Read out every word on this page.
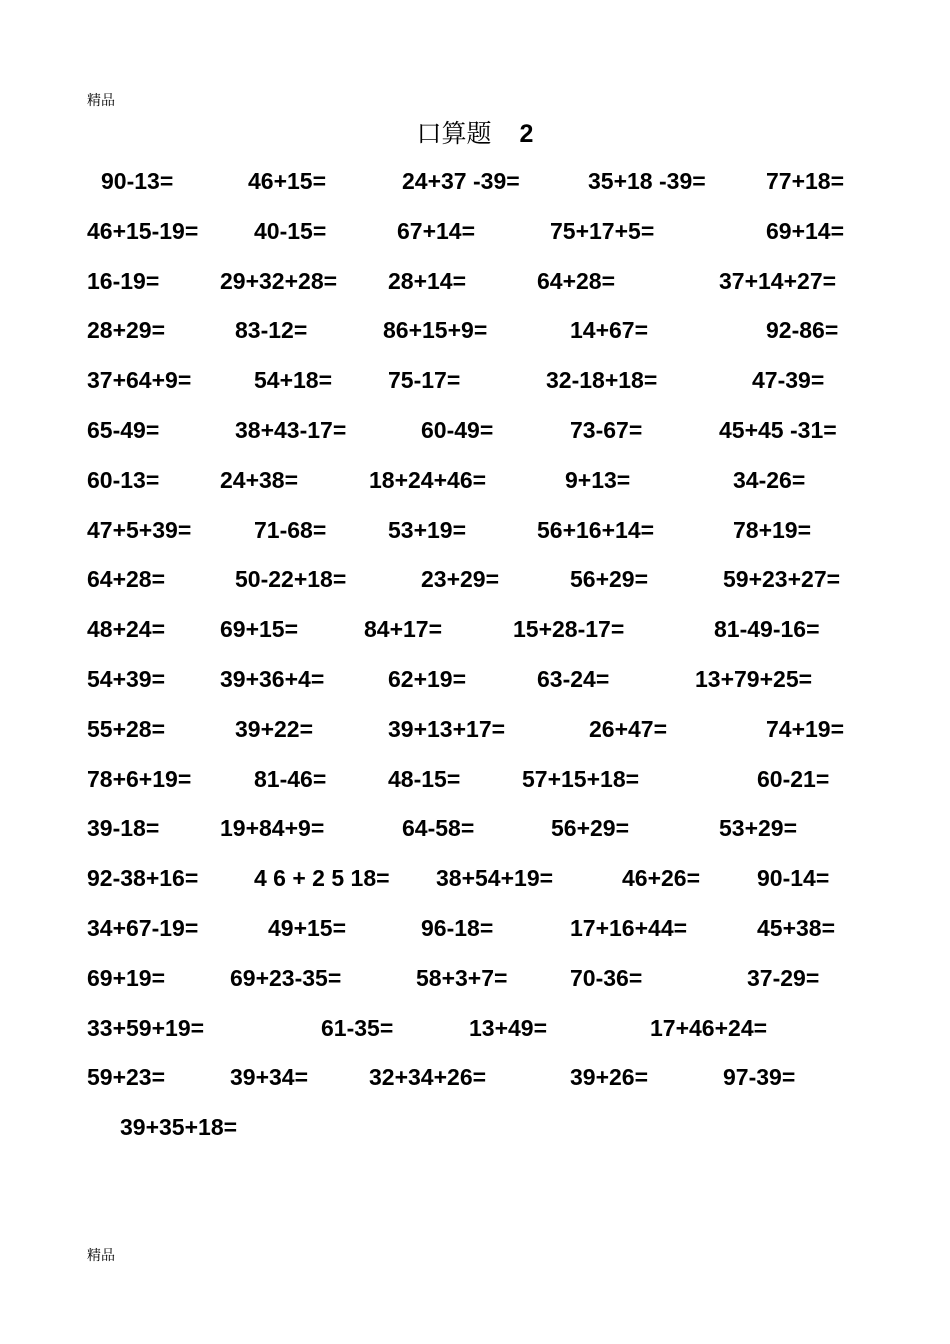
精品
口算题 2
90-13=	46+15=	24+37 -39=	35+18 -39=	77+18=
46+15-19= 40-15=	67+14=	75+17+5=	69+14=
16-19=	29+32+28= 28+14=	64+28=	37+14+27=
28+29=	83-12=	86+15+9=	14+67=	92-86=
37+64+9=	54+18= 75-17=	32-18+18=	47-39=
65-49=	38+43-17=	60-49=	73-67=	45+45 -31=
60-13=	24+38=	18+24+46=	9+13=	34-26=
47+5+39=	71-68=	53+19=	56+16+14=	78+19=
64+28=	50-22+18=	23+29=	56+29=	59+23+27=
48+24= 69+15=	84+17=	15+28-17=	81-49-16=
54+39= 39+36+4=	62+19=	63-24=	13+79+25=
55+28=	39+22=	39+13+17=	26+47=	74+19=
78+6+19=	81-46=	48-15=	57+15+18=	60-21=
39-18=	19+84+9=	64-58=	56+29=	53+29=
92-38+16= 4 6 + 2 5 18= 38+54+19=	46+26= 90-14=
34+67-19=	49+15=	96-18=	17+16+44=	45+38=
69+19=	69+23-35=	58+3+7=	70-36=	37-29=
33+59+19=	61-35=	13+49=	17+46+24=
59+23=	39+34=	32+34+26=	39+26=	97-39=
39+35+18=
精品
